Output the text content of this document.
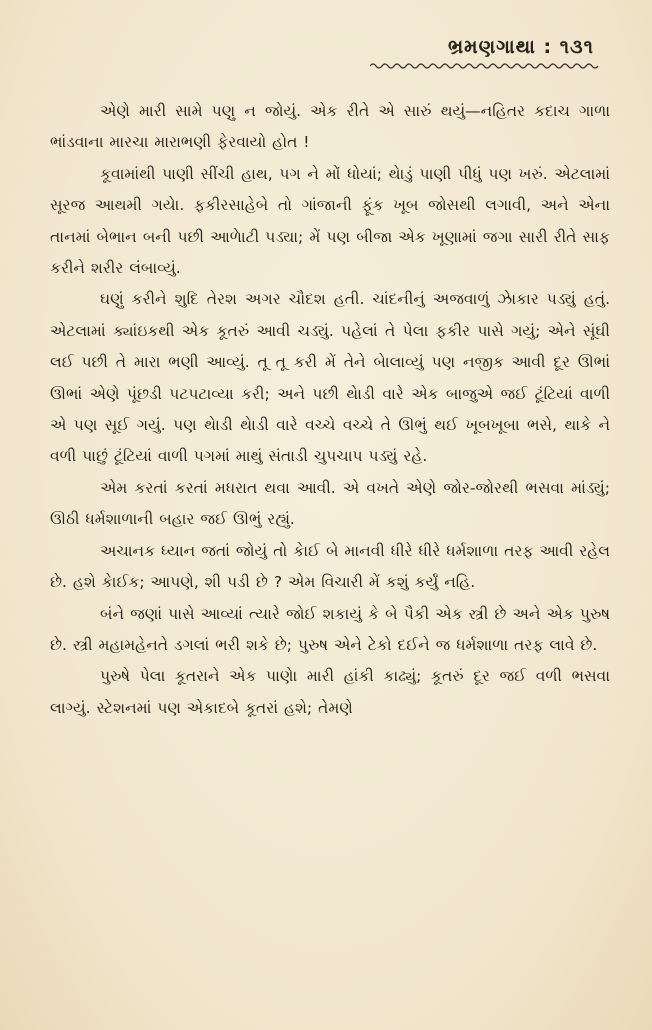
ભ્રમણગાથા : ૧૩૧

એણે મારી સામે પણુ ન જોયું. એક રીતે એ સારું થયું—નહિતર કદાચ ગાળા ભાંડવાના મારચા મારાભણી ફેરવાયો હોત !

કૂવામાંથી પાણી સીંચી હાથ, પગ ને મોં ધોયાં; થાેડું પાણી પીધું પણ ખરું. એટલામાં સૂરજ આથમી ગયેા. ફકીરસાહેબે તો ગાંજાની ફૂંક ખૂબ જોસથી લગાવી, અને એના તાનમાં બેભાન બની પછી આળાેટી પડ્યા; મેં પણ બીજા એક ખૂણામાં જગા સારી રીતે સાફ કરીને શરીર લંબાવ્યું.

ઘણું કરીને શુદિ તેરશ અગર ચૌદશ હતી. ચાંદનીનું અજવાળું ઝાેકાર પડ્યું હતું. એટલામાં ક્યાંઇકથી એક કૂતરું આવી ચડ્યું. પહેલાં તે પેલા ફકીર પાસે ગયું; એને સૂંઘી લઈ પછી તે મારા ભણી આવ્યું. તૂ તૂ કરી મેં તેને બાેલાવ્યું પણ નજીક આવી દૂર ઊભાં ઊભાં એણે પૂંછડી પટપટાવ્યા કરી; અને પછી થાેડી વારે એક બાજુએ જઈ ટૂંટિયાં વાળી એ પણ સૂઈ ગયું. પણ થાેડી થાેડી વારે વચ્ચે વચ્ચે તે ઊભું થઈ ખૂબખૂબા ભસે, થાકે ને વળી પાછું ટૂંટિયાં વાળી પગમાં માથું સંતાડી ચુપચાપ પડ્યું રહે.

એમ કરતાં કરતાં મધરાત થવા આવી. એ વખતે એણે જોર-જોરથી ભસવા માંડ્યું; ઊઠી ધર્મશાળાની બહાર જઈ ઊભું રહ્યું.

અચાનક ધ્યાન જતાં જોયું તો કાેઈ બે માનવી ધીરે ધીરે ધર્મશાળા તરફ આવી રહેલ છે. હશે કાેઈક; આપણે, શી પડી છે ? એમ વિચારી મેં કશું કર્યું નહિ.

બંને જણાં પાસે આવ્યાં ત્યારે જોઈ શકાયું કે બે પૈકી એક સ્ત્રી છે અને એક પુરુષ છે. સ્ત્રી મહામહેનતે ડગલાં ભરી શકે છે; પુરુષ એને ટેકો દઈને જ ધર્મશાળા તરફ લાવે છે.

પુરુષે પેલા કૂતરાને એક પાણાે મારી હાંકી કાઢ્યું; કૂતરું દૂર જઈ વળી ભસવા લાગ્યું. સ્ટેશનમાં પણ એકાદબે કૂતરાં હશે; તેમણે
